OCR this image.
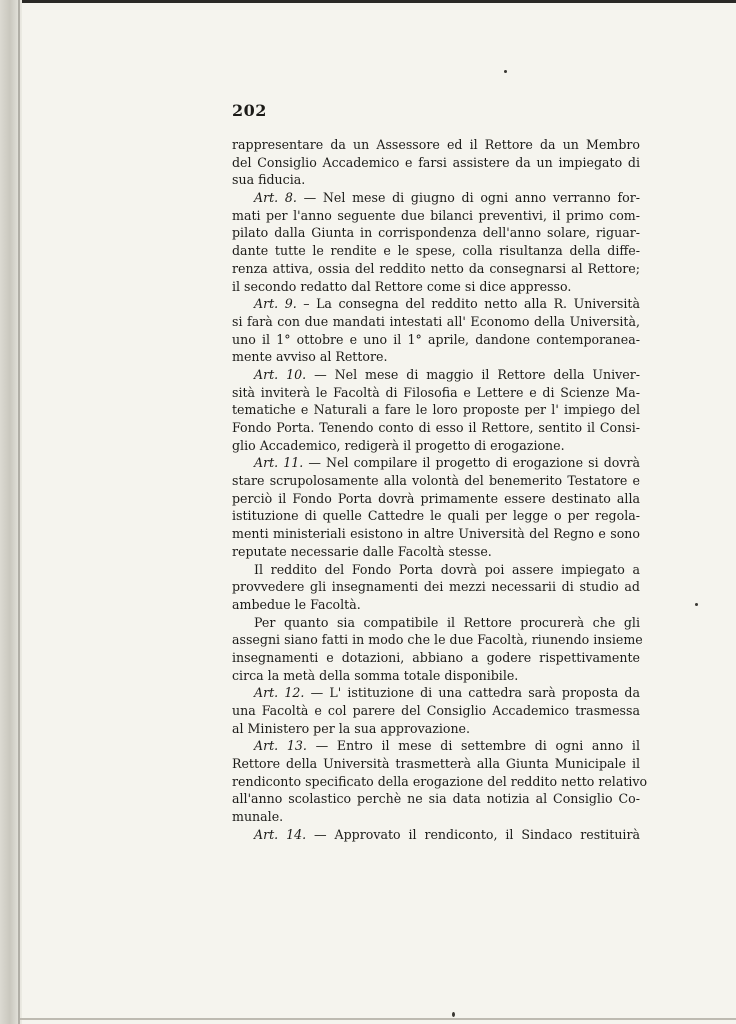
202
rappresentare da un Assessore ed il Rettore da un Membro
del Consiglio Accademico e farsi assistere da un impiegato di
sua fiducia.
Art. 8. — Nel mese di giugno di ogni anno verranno for-
mati per l'anno seguente due bilanci preventivi, il primo com-
pilato dalla Giunta in corrispondenza dell'anno solare, riguar-
dante tutte le rendite e le spese, colla risultanza della diffe-
renza attiva, ossia del reddito netto da consegnarsi al Rettore;
il secondo redatto dal Rettore come si dice appresso.
Art. 9. – La consegna del reddito netto alla R. Università
si farà con due mandati intestati all' Economo della Università,
uno il 1° ottobre e uno il 1° aprile, dandone contemporanea-
mente avviso al Rettore.
Art. 10. — Nel mese di maggio il Rettore della Univer-
sità inviterà le Facoltà di Filosofia e Lettere e di Scienze Ma-
tematiche e Naturali a fare le loro proposte per l' impiego del
Fondo Porta. Tenendo conto di esso il Rettore, sentito il Consi-
glio Accademico, redigerà il progetto di erogazione.
Art. 11. — Nel compilare il progetto di erogazione si dovrà
stare scrupolosamente alla volontà del benemerito Testatore e
perciò il Fondo Porta dovrà primamente essere destinato alla
istituzione di quelle Cattedre le quali per legge o per regola-
menti ministeriali esistono in altre Università del Regno e sono
reputate necessarie dalle Facoltà stesse.
Il reddito del Fondo Porta dovrà poi assere impiegato a
provvedere gli insegnamenti dei mezzi necessarii di studio ad
ambedue le Facoltà.
Per quanto sia compatibile il Rettore procurerà che gli
assegni siano fatti in modo che le due Facoltà, riunendo insieme
insegnamenti e dotazioni, abbiano a godere rispettivamente
circa la metà della somma totale disponibile.
Art. 12. — L' istituzione di una cattedra sarà proposta da
una Facoltà e col parere del Consiglio Accademico trasmessa
al Ministero per la sua approvazione.
Art. 13. — Entro il mese di settembre di ogni anno il
Rettore della Università trasmetterà alla Giunta Municipale il
rendiconto specificato della erogazione del reddito netto relativo
all'anno scolastico perchè ne sia data notizia al Consiglio Co-
munale.
Art. 14. — Approvato il rendiconto, il Sindaco restituirà
